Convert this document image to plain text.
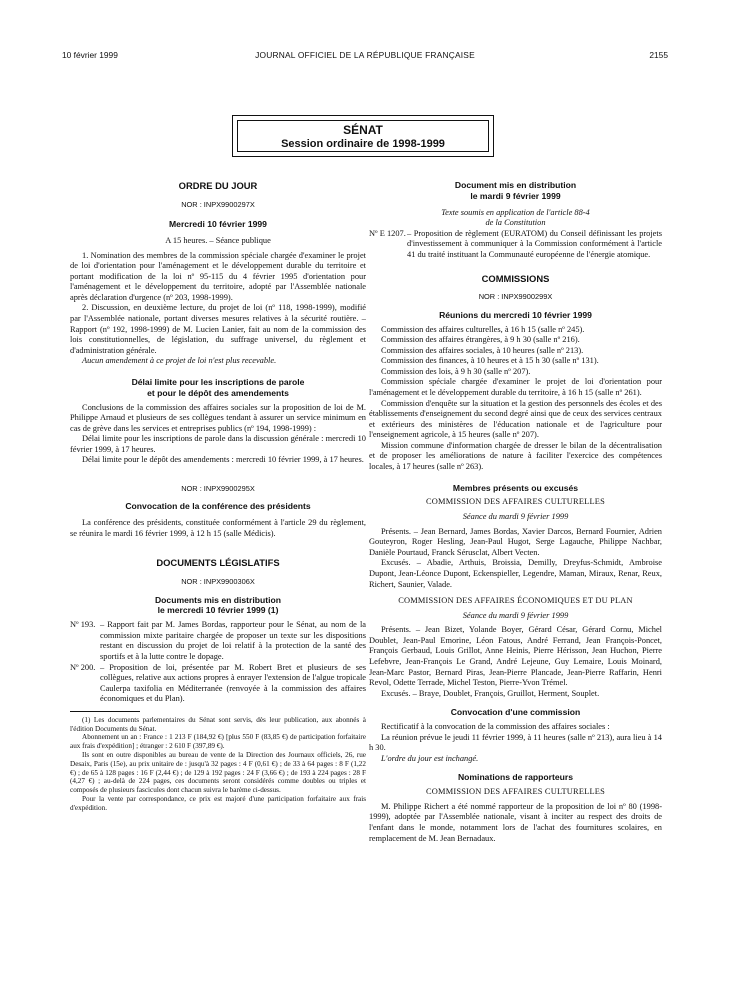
10 février 1999	JOURNAL OFFICIEL DE LA RÉPUBLIQUE FRANÇAISE	2155
SÉNAT
Session ordinaire de 1998-1999
ORDRE DU JOUR
NOR : INPX9900297X
Mercredi 10 février 1999

A 15 heures. – Séance publique

1. Nomination des membres de la commission spéciale chargée d'examiner le projet de loi d'orientation pour l'aménagement et le développement durable du territoire et portant modification de la loi nº 95-115 du 4 février 1995 d'orientation pour l'aménagement et le développement du territoire, adopté par l'Assemblée nationale après déclaration d'urgence (nº 203, 1998-1999).

2. Discussion, en deuxième lecture, du projet de loi (nº 118, 1998-1999), modifié par l'Assemblée nationale, portant diverses mesures relatives à la sécurité routière. – Rapport (nº 192, 1998-1999) de M. Lucien Lanier, fait au nom de la commission des lois constitutionnelles, de législation, du suffrage universel, du règlement et d'administration générale.

Aucun amendement à ce projet de loi n'est plus recevable.

Délai limite pour les inscriptions de parole
et pour le dépôt des amendements

Conclusions de la commission des affaires sociales sur la proposition de loi de M. Philippe Arnaud et plusieurs de ses collègues tendant à assurer un service minimum en cas de grève dans les services et entreprises publics (nº 194, 1998-1999) :

Délai limite pour les inscriptions de parole dans la discussion générale : mercredi 10 février 1999, à 17 heures.

Délai limite pour le dépôt des amendements : mercredi 10 février 1999, à 17 heures.

NOR : INPX9900295X
Convocation de la conférence des présidents

La conférence des présidents, constituée conformément à l'article 29 du règlement, se réunira le mardi 16 février 1999, à 12 h 15 (salle Médicis).

DOCUMENTS LÉGISLATIFS
NOR : INPX9900306X
Documents mis en distribution
le mercredi 10 février 1999 (1)
Nº 193. – Rapport fait par M. James Bordas, rapporteur pour le Sénat, au nom de la commission mixte paritaire chargée de proposer un texte sur les dispositions restant en discussion du projet de loi relatif à la protection de la santé des sportifs et à la lutte contre le dopage.
Nº 200. – Proposition de loi, présentée par M. Robert Bret et plusieurs de ses collègues, relative aux actions propres à enrayer l'extension de l'algue tropicale Caulerpa taxifolia en Méditerranée (renvoyée à la commission des affaires économiques et du Plan).

(1) Les documents parlementaires du Sénat sont servis, dès leur publication, aux abonnés à l'édition Documents du Sénat.

Abonnement un an : France : 1 213 F (184,92 €) [plus 550 F (83,85 €) de participation forfaitaire aux frais d'expédition] ; étranger : 2 610 F (397,89 €).

Ils sont en outre disponibles au bureau de vente de la Direction des Journaux officiels, 26, rue Desaix, Paris (15e), au prix unitaire de : jusqu'à 32 pages : 4 F (0,61 €) ; de 33 à 64 pages : 8 F (1,22 €) ; de 65 à 128 pages : 16 F (2,44 €) ; de 129 à 192 pages : 24 F (3,66 €) ; de 193 à 224 pages : 28 F (4,27 €) ; au-delà de 224 pages, ces documents seront considérés comme doubles ou triples et composés de plusieurs fascicules dont chacun suivra le barème ci-dessus.

Pour la vente par correspondance, ce prix est majoré d'une participation forfaitaire aux frais d'expédition.

Document mis en distribution
le mardi 9 février 1999

Texte soumis en application de l'article 88-4

de la Constitution

Nº E 1207. – Proposition de règlement (EURATOM) du Conseil définissant les projets d'investissement à communiquer à la Commission conformément à l'article 41 du traité instituant la Communauté européenne de l'énergie atomique.
COMMISSIONS
NOR : INPX9900299X
Réunions du mercredi 10 février 1999

Commission des affaires culturelles, à 16 h 15 (salle nº 245).

Commission des affaires étrangères, à 9 h 30 (salle nº 216).

Commission des affaires sociales, à 10 heures (salle nº 213).

Commission des finances, à 10 heures et à 15 h 30 (salle nº 131).

Commission des lois, à 9 h 30 (salle nº 207).

Commission spéciale chargée d'examiner le projet de loi d'orientation pour l'aménagement et le développement durable du territoire, à 16 h 15 (salle nº 261).

Commission d'enquête sur la situation et la gestion des personnels des écoles et des établissements d'enseignement du second degré ainsi que de ceux des services centraux et extérieurs des ministères de l'éducation nationale et de l'agriculture pour l'enseignement agricole, à 15 heures (salle nº 207).

Mission commune d'information chargée de dresser le bilan de la décentralisation et de proposer les améliorations de nature à faciliter l'exercice des compétences locales, à 17 heures (salle nº 263).

Membres présents ou excusés

COMMISSION DES AFFAIRES CULTURELLES

Séance du mardi 9 février 1999

Présents. – Jean Bernard, James Bordas, Xavier Darcos, Bernard Fournier, Adrien Gouteyron, Roger Hesling, Jean-Paul Hugot, Serge Lagauche, Philippe Nachbar, Danièle Pourtaud, Franck Sérusclat, Albert Vecten.

Excusés. – Abadie, Arthuis, Broissia, Demilly, Dreyfus-Schmidt, Ambroise Dupont, Jean-Léonce Dupont, Eckenspieller, Legendre, Maman, Miraux, Renar, Reux, Richert, Saunier, Valade.

COMMISSION DES AFFAIRES ÉCONOMIQUES ET DU PLAN

Séance du mardi 9 février 1999

Présents. – Jean Bizet, Yolande Boyer, Gérard César, Gérard Cornu, Michel Doublet, Jean-Paul Emorine, Léon Fatous, André Ferrand, Jean François-Poncet, François Gerbaud, Louis Grillot, Anne Heinis, Pierre Hérisson, Jean Huchon, Pierre Lefebvre, Jean-François Le Grand, André Lejeune, Guy Lemaire, Louis Moinard, Jean-Marc Pastor, Bernard Piras, Jean-Pierre Plancade, Jean-Pierre Raffarin, Henri Revol, Odette Terrade, Michel Teston, Pierre-Yvon Trémel.

Excusés. – Braye, Doublet, François, Gruillot, Herment, Souplet.

Convocation d'une commission

Rectificatif à la convocation de la commission des affaires sociales :

La réunion prévue le jeudi 11 février 1999, à 11 heures (salle nº 213), aura lieu à 14 h 30.

L'ordre du jour est inchangé.

Nominations de rapporteurs

COMMISSION DES AFFAIRES CULTURELLES

M. Philippe Richert a été nommé rapporteur de la proposition de loi nº 80 (1998-1999), adoptée par l'Assemblée nationale, visant à inciter au respect des droits de l'enfant dans le monde, notamment lors de l'achat des fournitures scolaires, en remplacement de M. Jean Bernadaux.
